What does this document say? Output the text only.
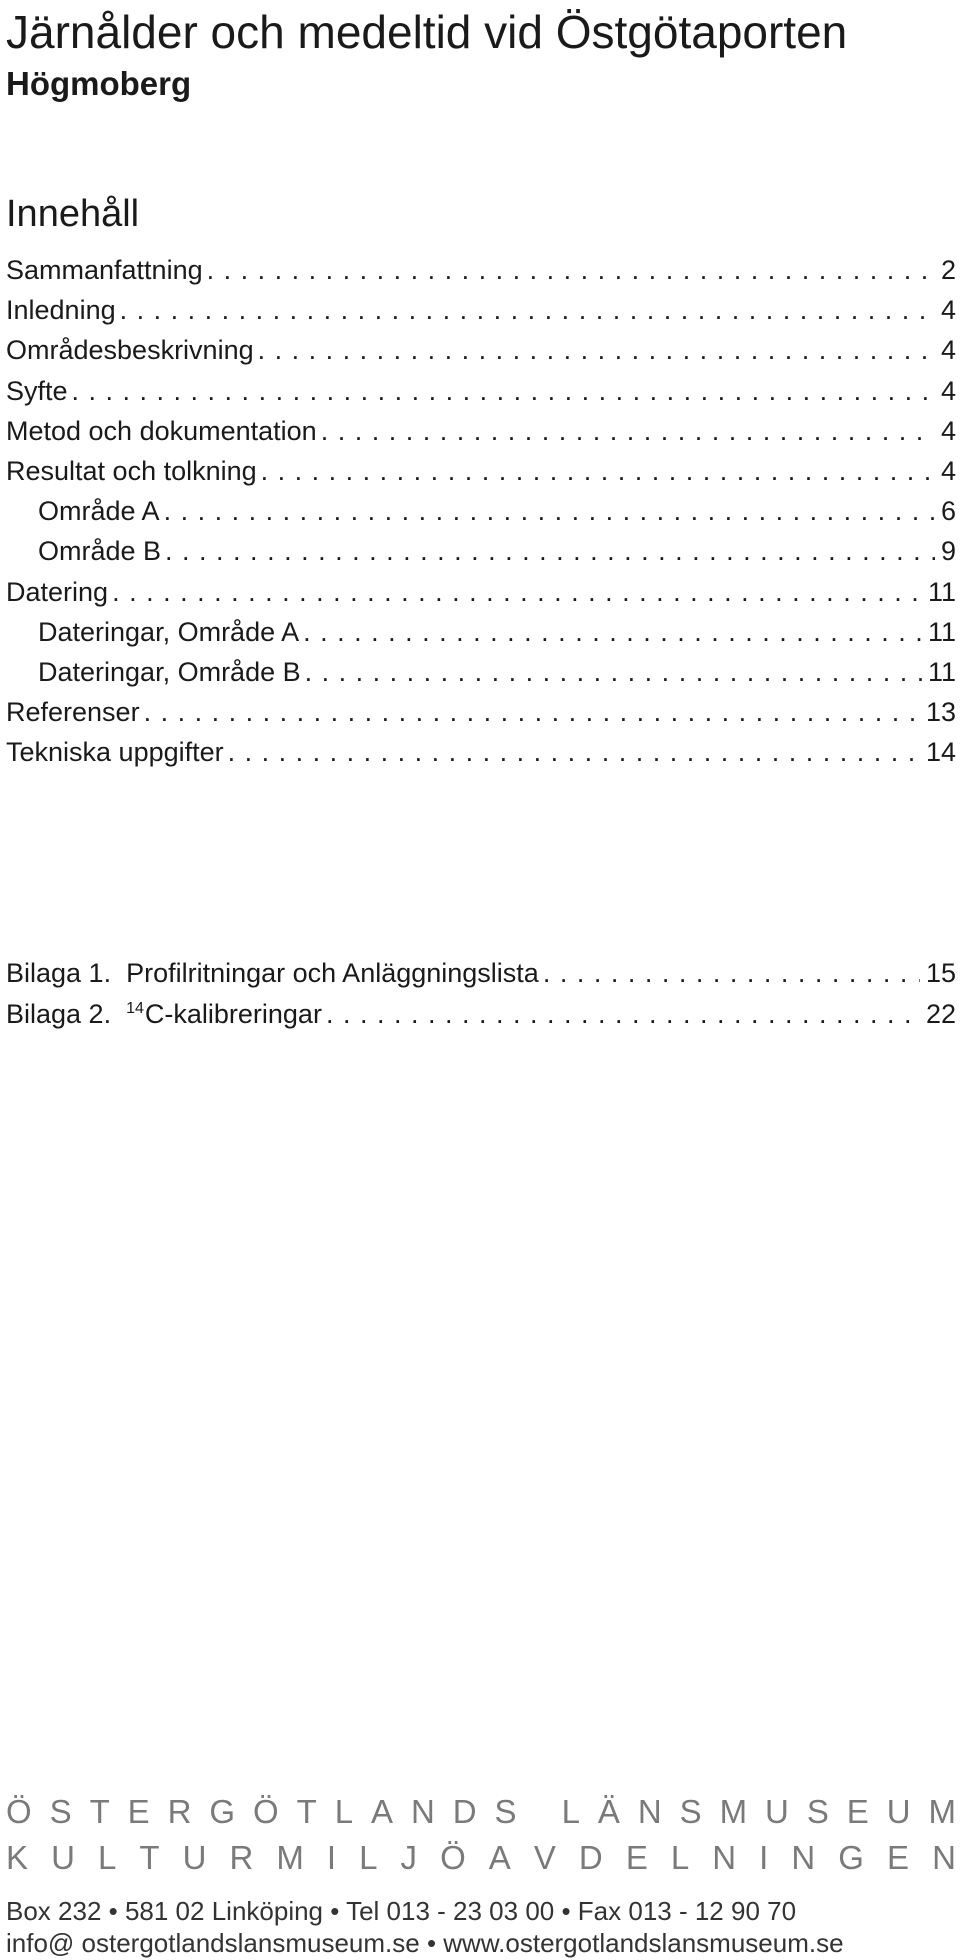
Järnålder och medeltid vid Östgötaporten
Högmoberg
Innehåll
Sammanfattning . . .	2
Inledning . . .	4
Områdesbeskrivning . . .	4
Syfte . . .	4
Metod och dokumentation . . .	4
Resultat och tolkning . . .	4
Område A . . .	6
Område B . . .	9
Datering . . .	11
Dateringar, Område A . . .	11
Dateringar, Område B . . .	11
Referenser . . .	13
Tekniska uppgifter . . .	14
Bilaga 1.  Profilritningar och Anläggningslista . . .	15
Bilaga 2.  $^{14}$C-kalibreringar . . .	22
Ö S T E R G Ö T L A N D S
L Ä N S M U S E U M
K U L T U R M I L J Ö A V D E L N I N G E N
Box 232 • 581 02 Linköping • Tel 013 - 23 03 00 • Fax 013 - 12 90 70
info@ ostergotlandslansmuseum.se • www.ostergotlandslansmuseum.se
